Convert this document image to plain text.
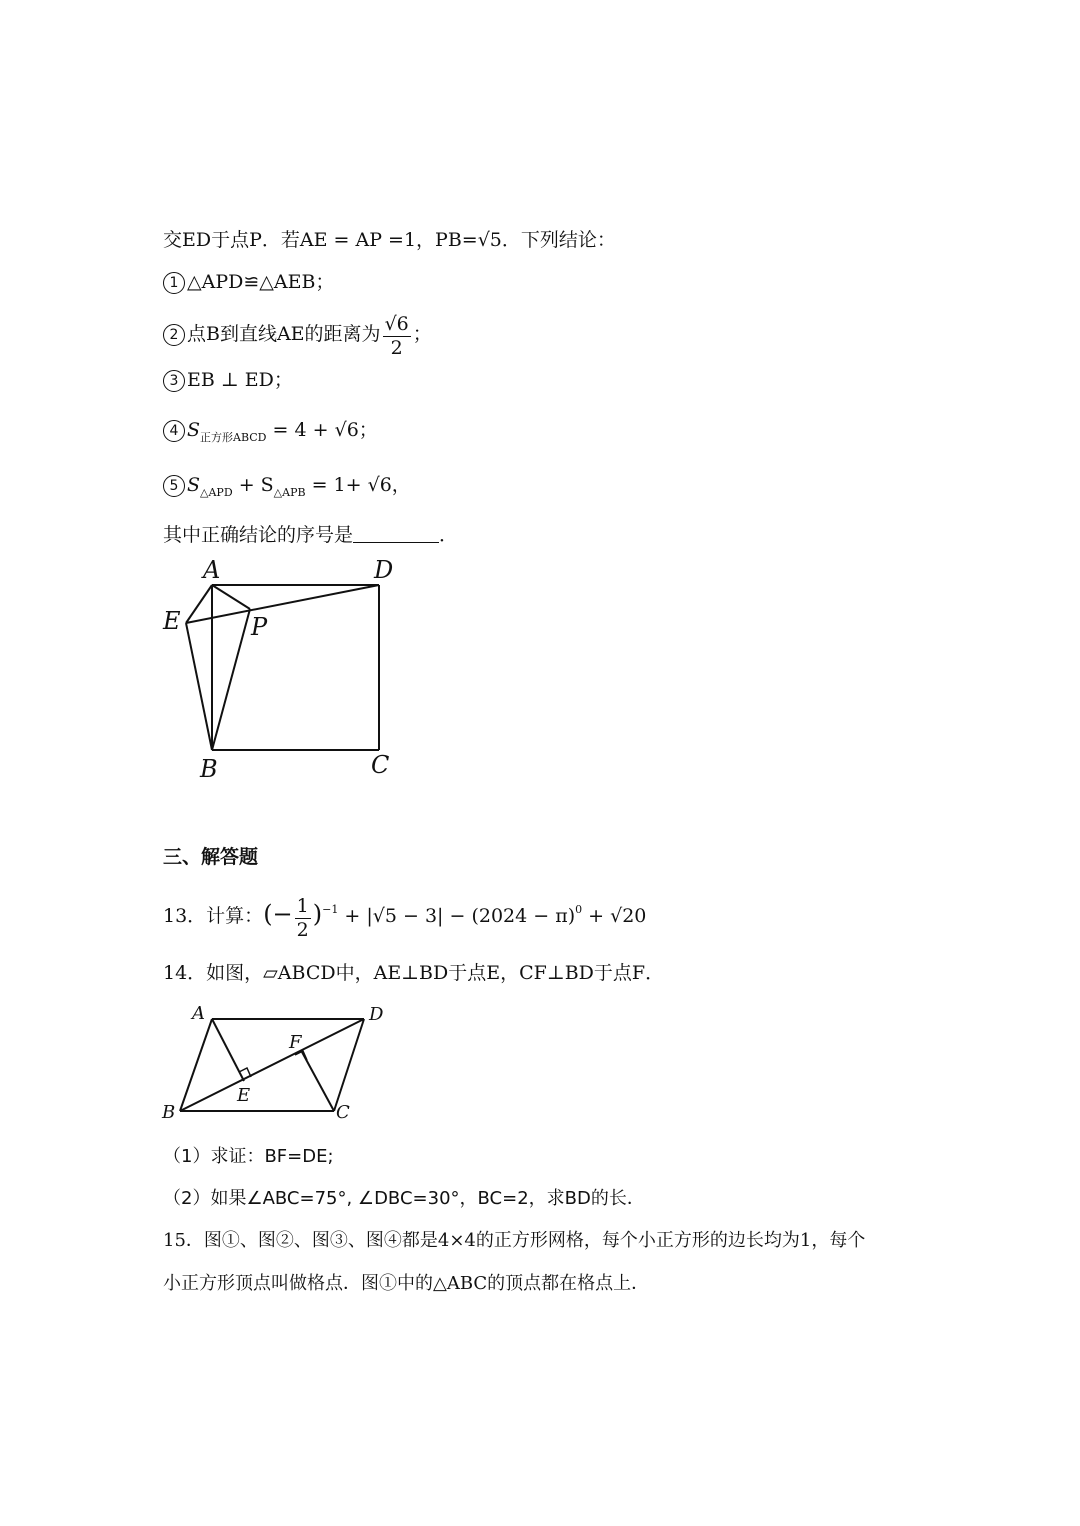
交ED于点P．若AE = AP =1，PB=√5．下列结论：
1 △APD≌△AEB；
2 点B到直线AE的距离为 $\frac{√6}{2}$ ；
3 EB ⊥ ED；
4 $S_{正方形ABCD} = 4 + √6$；
5 $S_{\triangle APD} + S_{\triangle APB} = 1+ √6$，
其中正确结论的序号是	．
A	D
E	P
B	C
三、解答题
13．计算：(− $\frac{1}{2} )^{-1} + |√5 - 3| - (2024 - \pi)^0 + √20$
14．如图，▱ABCD中，AE⊥BD于点E，CF⊥BD于点F．
A	D
F
E
B	C
（1）求证：BF=DE;
（2）如果∠ABC=75°, ∠DBC=30°，BC=2，求BD的长．
15．图①、图②、图③、图④都是4×4的正方形网格，每个小正方形的边长均为1，每个
小正方形顶点叫做格点．图①中的△ABC的顶点都在格点上．
